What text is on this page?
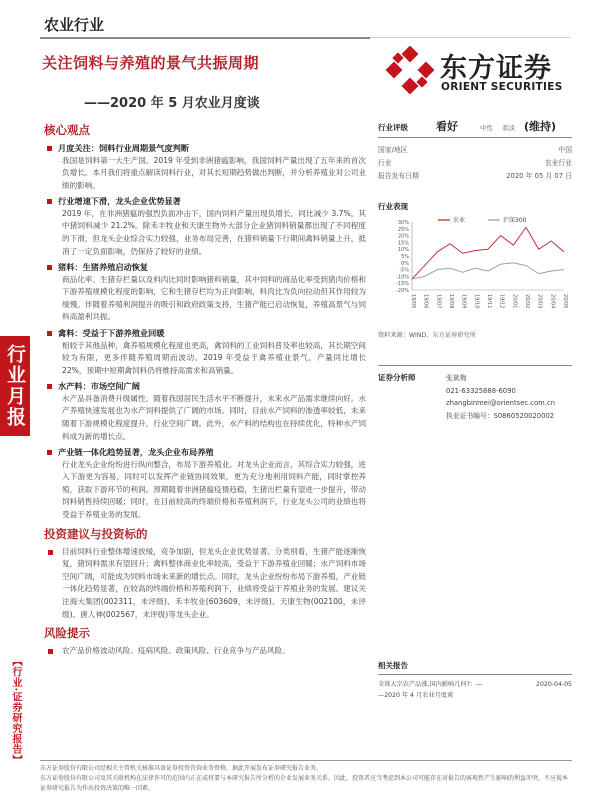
农业行业
关注饲料与养殖的景气共振周期
——2020 年 5 月农业月度谈
东方证券
ORIENT SECURITIES
行业月报
【行业·证券研究报告】
核心观点
月度关注：饲料行业周期景气度判断
我国是饲料第一大生产国。2019 年受到非洲猪瘟影响，我国饲料产量出现了五年来的首次负增长。本月我们将重点解读饲料行业，对其长短期趋势做出判断，并分析养殖业对公司业绩的影响。
行业增速下滑，龙头企业优势显著
2019 年，在非洲猪瘟的强烈负面冲击下，国内饲料产量出现负增长，同比减少 3.7%，其中猪饲料减少 21.2%。除禾丰牧业和天康生物外大部分企业猪饲料销量都出现了不同程度的下滑，但龙头企业综合实力较强，业务布局完善，在猪料销量下行期间禽料销量上升，抵消了一定负面影响，仍保持了较好的业绩。
猪料：生猪养殖启动恢复
商品化率、生猪存栏量以及料肉比同时影响猪料销量，其中饲料的商品化率受到猪肉价格和下游养殖规模化程度的影响，它和生猪存栏均为正向影响，料肉比为负向拉动但其作用较为缓慢。伴随着养殖利润提升的吸引和政府政策支持，生猪产能已启动恢复，养殖高景气与饲料高盈利共振。
禽料：受益于下游养殖业回暖
相较于其他品种，禽养殖规模化程度也更高，禽饲料的工业饲料普及率也较高，其长期空间较为有限，更多伴随养殖周期而波动。2019 年受益于禽养殖业景气，产量同比增长 22%，预期中短期禽饲料仍将维持高需求和高销量。
水产料：市场空间广阔
水产品具备消费升级属性，随着我国居民生活水平不断提升，未来水产品需求继续向好。水产养殖快速发展也为水产饲料提供了广阔的市场。同时，目前水产饲料的渗透率较低，未来随着下游规模化程度提升，行业空间广阔。此外，水产料的结构也在持续优化，特种水产饲料成为新的增长点。
产业链一体化趋势显著，龙头企业布局养殖
行业龙头企业纷纷进行纵向整合，布局下游养殖业。对龙头企业而言，其综合实力较强，进入下游更为容易，同时可以发挥产业链协同效果，更为充分地利用饲料产能，同时掌控养殖，获取下游环节的利润。预期随着非洲猪瘟疫情趋稳，生猪出栏量有望进一步提升，带动饲料销售持续回暖；同时，在目前较高的终端价格和养殖利润下，行业龙头公司的业绩也将受益于养殖业务的发展。
投资建议与投资标的
目前饲料行业整体增速放缓，竞争加剧，但龙头企业优势显著。分类别看，生猪产能逐渐恢复，猪饲料需求有望回升；禽料整体商业化率较高，受益于下游养殖业回暖；水产饲料市场空间广阔，可能成为饲料市场未来新的增长点。同时，龙头企业纷纷布局下游养殖，产业链一体化趋势显著，在较高的终端价格和养殖利润下，业绩将受益于养殖业务的发展。建议关注海大集团(002311，未评级)、禾丰牧业(603609，未评级)、天康生物(002100，未评级)、唐人神(002567，未评级)等龙头企业。
风险提示
农产品价格波动风险、疫病风险、政策风险、行业竞争与产品风险。
行业评级	看好	中性	看淡 (维持)
国家/地区	中国
行业	农业行业
报告发布日期	2020 年 05 月 07 日
行业表现
30%
25%
20%
15%
10%
5%
0%
-5%
-10%
-15%
-20%
19/05 19/06 19/07 19/08 19/09 19/10 19/11 19/12 20/01 20/02 20/03 20/04 20/05
农业	沪深300
资料来源：WIND、东方证券研究所
证券分析师	张斌梅
021-63325888-6090
zhangbinmei@orientsec.com.cn
执业证书编号：S0860520020002
相关报告
全球大宗农产品涨,国内影响几何?：—	2020-04-05
—2020 年 4 月农业月度谈
东方证券股份有限公司经相关主管机关核准具备证券投资咨询业务资格，据此开展发布证券研究报告业务。
东方证券股份有限公司及其关联机构在法律许可的范围内正在或将要与本研究报告所分析的企业发展业务关系。因此，投资者应当考虑到本公司可能存在对报告的客观性产生影响的利益冲突，不应视本证券研究报告为作出投资决策的唯一因素。
